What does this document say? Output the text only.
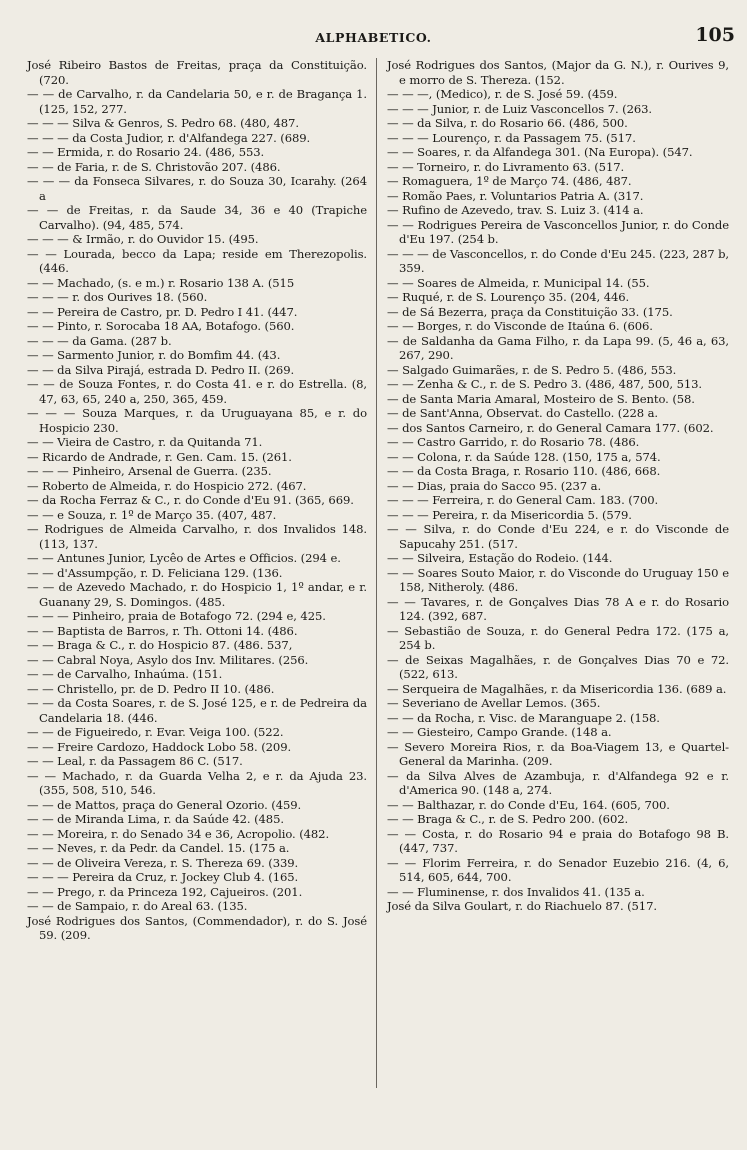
ALPHABETICO.	105

José Ribeiro Bastos de Freitas, praça da Constituição. (720.

— — de Carvalho, r. da Candelaria 50, e r. de Bragança 1. (125, 152, 277.

— — — Silva & Genros, S. Pedro 68. (480, 487.

— — — da Costa Judior, r. d'Alfandega 227. (689.

— — Ermida, r. do Rosario 24. (486, 553.

— — de Faria, r. de S. Christovão 207. (486.

— — — da Fonseca Silvares, r. do Souza 30, Icarahy. (264 a

— — de Freitas, r. da Saude 34, 36 e 40 (Trapiche Carvalho). (94, 485, 574.

— — — & Irmão, r. do Ouvidor 15. (495.

— — Lourada, becco da Lapa; reside em Therezopolis. (446.

— — Machado, (s. e m.) r. Rosario 138 A. (515

— — — r. dos Ourives 18. (560.

— — Pereira de Castro, pr. D. Pedro I 41. (447.

— — Pinto, r. Sorocaba 18 AA, Botafogo. (560.

— — — da Gama. (287 b.

— — Sarmento Junior, r. do Bomfim 44. (43.

— — da Silva Pirajá, estrada D. Pedro II. (269.

— — de Souza Fontes, r. do Costa 41. e r. do Estrella. (8, 47, 63, 65, 240 a, 250, 365, 459.

— — — Souza Marques, r. da Uruguayana 85, e r. do Hospicio 230.

— — Vieira de Castro, r. da Quitanda 71.

— Ricardo de Andrade, r. Gen. Cam. 15. (261.

— — — Pinheiro, Arsenal de Guerra. (235.

— Roberto de Almeida, r. do Hospicio 272. (467.

— da Rocha Ferraz & C., r. do Conde d'Eu 91. (365, 669.

— — e Souza, r. 1º de Março 35. (407, 487.

— Rodrigues de Almeida Carvalho, r. dos Invalidos 148. (113, 137.

— — Antunes Junior, Lycêo de Artes e Officios. (294 e.

— — d'Assumpção, r. D. Feliciana 129. (136.

— — de Azevedo Machado, r. do Hospicio 1, 1º andar, e r. Guanany 29, S. Domingos. (485.

— — — Pinheiro, praia de Botafogo 72. (294 e, 425.

— — Baptista de Barros, r. Th. Ottoni 14. (486.

— — Braga & C., r. do Hospicio 87. (486. 537,

— — Cabral Noya, Asylo dos Inv. Militares. (256.

— — de Carvalho, Inhaúma. (151.

— — Christello, pr. de D. Pedro II 10. (486.

— — da Costa Soares, r. de S. José 125, e r. de Pedreira da Candelaria 18. (446.

— — de Figueiredo, r. Evar. Veiga 100. (522.

— — Freire Cardozo, Haddock Lobo 58. (209.

— — Leal, r. da Passagem 86 C. (517.

— — Machado, r. da Guarda Velha 2, e r. da Ajuda 23. (355, 508, 510, 546.

— — de Mattos, praça do General Ozorio. (459.

— — de Miranda Lima, r. da Saúde 42. (485.

— — Moreira, r. do Senado 34 e 36, Acropolio. (482.

— — Neves, r. da Pedr. da Candel. 15. (175 a.

— — de Oliveira Vereza, r. S. Thereza 69. (339.

— — — Pereira da Cruz, r. Jockey Club 4. (165.

— — Prego, r. da Princeza 192, Cajueiros. (201.

— — de Sampaio, r. do Areal 63. (135.

José Rodrigues dos Santos, (Commendador), r. do S. José 59. (209.

José Rodrigues dos Santos, (Major da G. N.), r. Ourives 9, e morro de S. Thereza. (152.

— — —, (Medico), r. de S. José 59. (459.

— — — Junior, r. de Luiz Vasconcellos 7. (263.

— — da Silva, r. do Rosario 66. (486, 500.

— — — Lourenço, r. da Passagem 75. (517.

— — Soares, r. da Alfandega 301. (Na Europa). (547.

— — Torneiro, r. do Livramento 63. (517.

— Romaguera, 1º de Março 74. (486, 487.

— Romão Paes, r. Voluntarios Patria A. (317.

— Rufino de Azevedo, trav. S. Luiz 3. (414 a.

— — Rodrigues Pereira de Vasconcellos Junior, r. do Conde d'Eu 197. (254 b.

— — — de Vasconcellos, r. do Conde d'Eu 245. (223, 287 b, 359.

— — Soares de Almeida, r. Municipal 14. (55.

— Ruqué, r. de S. Lourenço 35. (204, 446.

— de Sá Bezerra, praça da Constituição 33. (175.

— — Borges, r. do Visconde de Itaúna 6. (606.

— de Saldanha da Gama Filho, r. da Lapa 99. (5, 46 a, 63, 267, 290.

— Salgado Guimarães, r. de S. Pedro 5. (486, 553.

— — Zenha & C., r. de S. Pedro 3. (486, 487, 500, 513.

— de Santa Maria Amaral, Mosteiro de S. Bento. (58.

— de Sant'Anna, Observat. do Castello. (228 a.

— dos Santos Carneiro, r. do General Camara 177. (602.

— — Castro Garrido, r. do Rosario 78. (486.

— — Colona, r. da Saúde 128. (150, 175 a, 574.

— — da Costa Braga, r. Rosario 110. (486, 668.

— — Dias, praia do Sacco 95. (237 a.

— — — Ferreira, r. do General Cam. 183. (700.

— — — Pereira, r. da Misericordia 5. (579.

— — Silva, r. do Conde d'Eu 224, e r. do Visconde de Sapucahy 251. (517.

— — Silveira, Estação do Rodeio. (144.

— — Soares Souto Maior, r. do Visconde do Uruguay 150 e 158, Nitheroly. (486.

— — Tavares, r. de Gonçalves Dias 78 A e r. do Rosario 124. (392, 687.

— Sebastião de Souza, r. do General Pedra 172. (175 a, 254 b.

— de Seixas Magalhães, r. de Gonçalves Dias 70 e 72. (522, 613.

— Serqueira de Magalhães, r. da Misericordia 136. (689 a.

— Severiano de Avellar Lemos. (365.

— — da Rocha, r. Visc. de Maranguape 2. (158.

— — Giesteiro, Campo Grande. (148 a.

— Severo Moreira Rios, r. da Boa-Viagem 13, e Quartel-General da Marinha. (209.

— da Silva Alves de Azambuja, r. d'Alfandega 92 e r. d'America 90. (148 a, 274.

— — Balthazar, r. do Conde d'Eu, 164. (605, 700.

— — Braga & C., r. de S. Pedro 200. (602.

— — Costa, r. do Rosario 94 e praia do Botafogo 98 B. (447, 737.

— — Florim Ferreira, r. do Senador Euzebio 216. (4, 6, 514, 605, 644, 700.

— — Fluminense, r. dos Invalidos 41. (135 a.

José da Silva Goulart, r. do Riachuelo 87. (517.
